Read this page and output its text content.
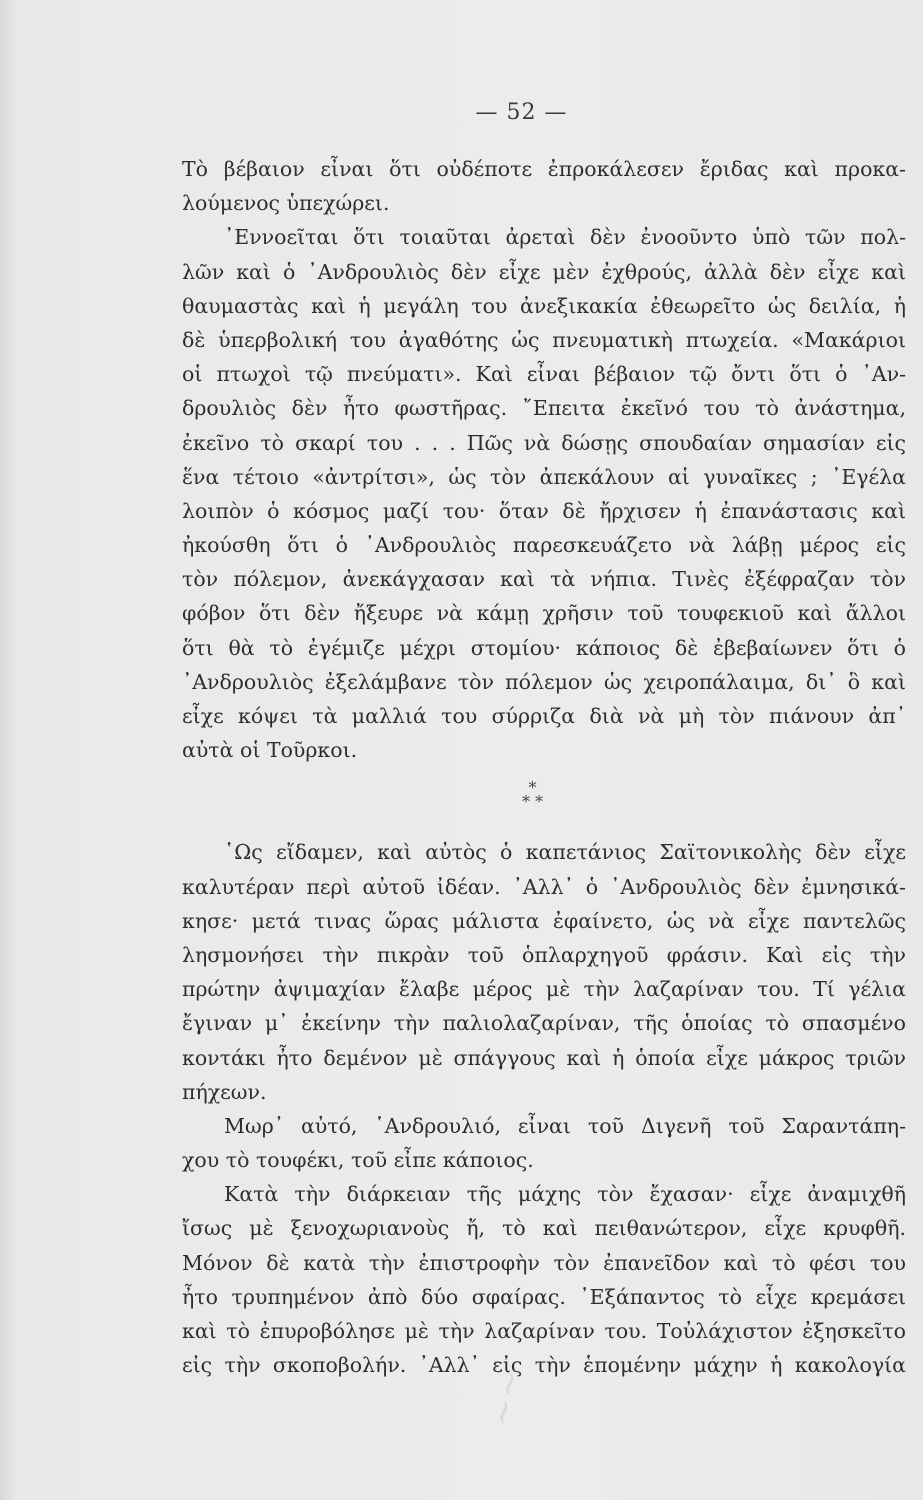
~~
— 52 —
Τὸ βέβαιον εἶναι ὅτι οὐδέποτε ἐπροκάλεσεν ἔριδας καὶ προκα-
λούμενος ὑπεχώρει.
᾿Εννοεῖται ὅτι τοιαῦται ἀρεταὶ δὲν ἐνοοῦντο ὑπὸ τῶν πολ-
λῶν καὶ ὁ ᾿Ανδρουλιὸς δὲν εἶχε μὲν ἐχθρούς, ἀλλὰ δὲν εἶχε καὶ
θαυμαστὰς καὶ ἡ μεγάλη του ἀνεξικακία ἐθεωρεῖτο ὡς δειλία, ἡ
δὲ ὑπερβολική του ἀγαθότης ὡς πνευματικὴ πτωχεία. «Μακάριοι
οἱ πτωχοὶ τῷ πνεύματι». Καὶ εἶναι βέβαιον τῷ ὄντι ὅτι ὁ ᾿Αν-
δρουλιὸς δὲν ἦτο φωστῆρας. ῎Επειτα ἐκεῖνό του τὸ ἀνάστημα,
ἐκεῖνο τὸ σκαρί του . . . Πῶς νὰ δώσῃς σπουδαίαν σημασίαν εἰς
ἕνα τέτοιο «ἀντρίτσι», ὡς τὸν ἀπεκάλουν αἱ γυναῖκες ; ᾿Εγέλα
λοιπὸν ὁ κόσμος μαζί του· ὅταν δὲ ἤρχισεν ἡ ἐπανάστασις καὶ
ἠκούσθη ὅτι ὁ ᾿Ανδρουλιὸς παρεσκευάζετο νὰ λάβῃ μέρος εἰς
τὸν πόλεμον, ἀνεκάγχασαν καὶ τὰ νήπια. Τινὲς ἐξέφραζαν τὸν
φόβον ὅτι δὲν ἤξευρε νὰ κάμῃ χρῆσιν τοῦ τουφεκιοῦ καὶ ἄλλοι
ὅτι θὰ τὸ ἐγέμιζε μέχρι στομίου· κάποιος δὲ ἐβεβαίωνεν ὅτι ὁ
᾿Ανδρουλιὸς ἐξελάμβανε τὸν πόλεμον ὡς χειροπάλαιμα, δι᾿ ὃ καὶ
εἶχε κόψει τὰ μαλλιά του σύρριζα διὰ νὰ μὴ τὸν πιάνουν ἀπ᾿
αὐτὰ οἱ Τοῦρκοι.
*
* *
῾Ως εἴδαμεν, καὶ αὐτὸς ὁ καπετάνιος Σαϊτονικολὴς δὲν εἶχε
καλυτέραν περὶ αὐτοῦ ἰδέαν. ᾿Αλλ᾿ ὁ ᾿Ανδρουλιὸς δὲν ἐμνησικά-
κησε· μετά τινας ὥρας μάλιστα ἐφαίνετο, ὡς νὰ εἶχε παντελῶς
λησμονήσει τὴν πικρὰν τοῦ ὁπλαρχηγοῦ φράσιν. Καὶ εἰς τὴν
πρώτην ἀψιμαχίαν ἔλαβε μέρος μὲ τὴν λαζαρίναν του. Τί γέλια
ἔγιναν μ᾿ ἐκείνην τὴν παλιολαζαρίναν, τῆς ὁποίας τὸ σπασμένο
κοντάκι ἦτο δεμένον μὲ σπάγγους καὶ ἡ ὁποία εἶχε μάκρος τριῶν
πήχεων.
Μωρ᾿ αὐτό, ῾Ανδρουλιό, εἶναι τοῦ Διγενῆ τοῦ Σαραντάπη-
χου τὸ τουφέκι, τοῦ εἶπε κάποιος.
Κατὰ τὴν διάρκειαν τῆς μάχης τὸν ἔχασαν· εἶχε ἀναμιχθῆ
ἴσως μὲ ξενοχωριανοὺς ἤ, τὸ καὶ πειθανώτερον, εἶχε κρυφθῆ.
Μόνον δὲ κατὰ τὴν ἐπιστροφὴν τὸν ἐπανεῖδον καὶ τὸ φέσι του
ἦτο τρυπημένον ἀπὸ δύο σφαίρας. ᾿Εξάπαντος τὸ εἶχε κρεμάσει
καὶ τὸ ἐπυροβόλησε μὲ τὴν λαζαρίναν του. Τοὐλάχιστον ἐξησκεῖτο
εἰς τὴν σκοποβολήν. ᾿Αλλ᾿ εἰς τὴν ἑπομένην μάχην ἡ κακολογία
